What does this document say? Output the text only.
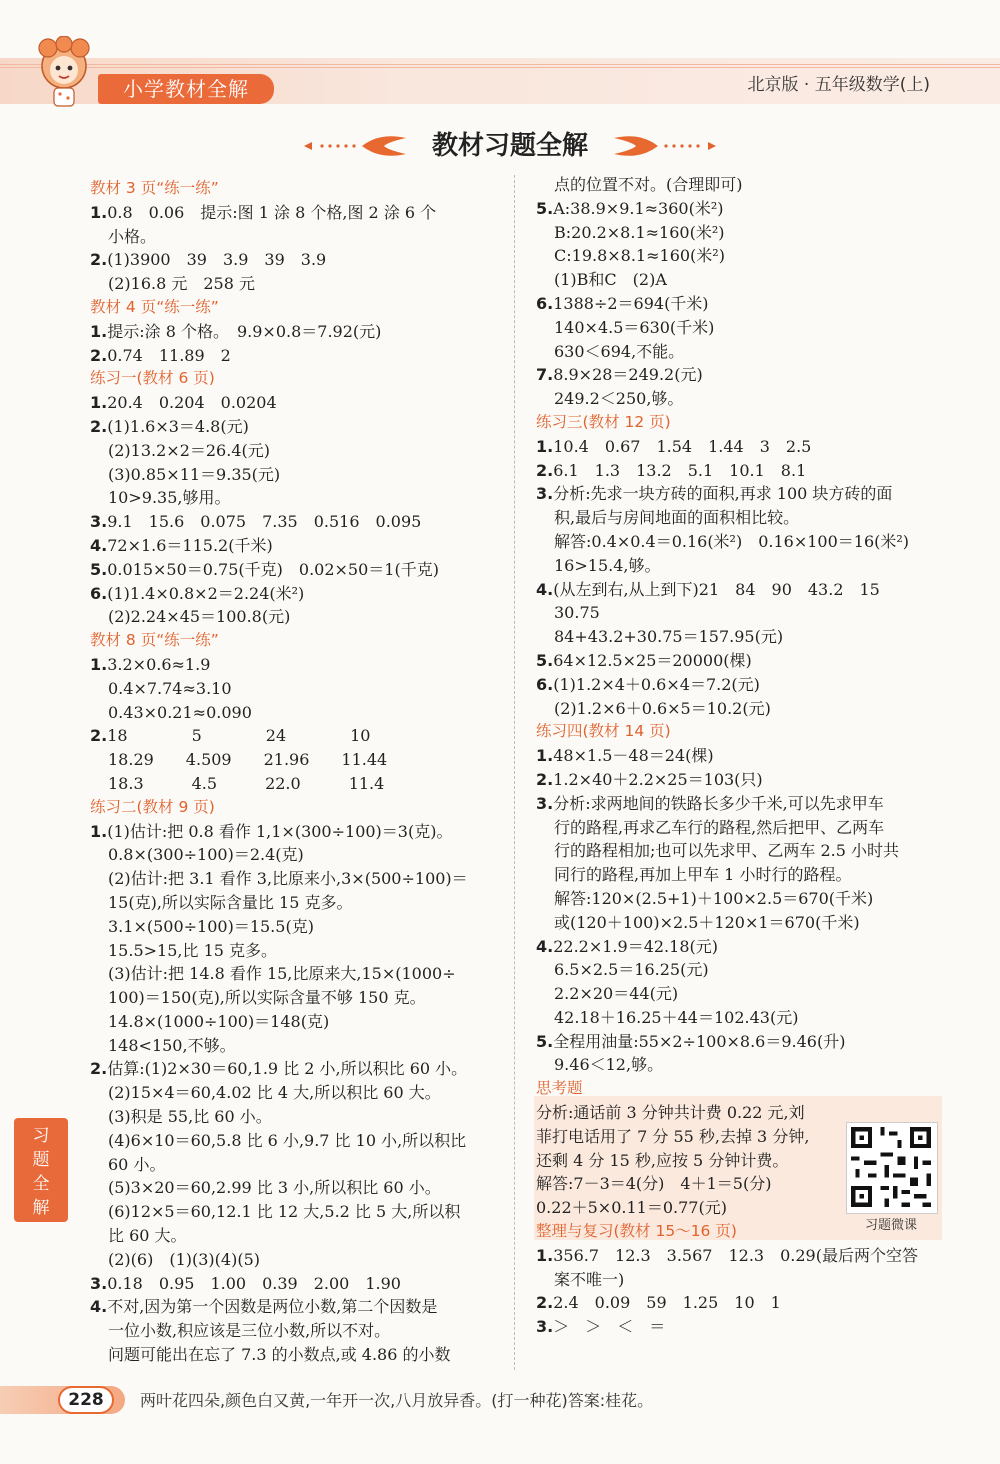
小学教材全解	北京版 · 五年级数学(上)
教材习题全解
教材 3 页“练一练”
1.0.8　0.06　提示:图 1 涂 8 个格,图 2 涂 6 个
小格。
2.(1)3900　39　3.9　39　3.9
(2)16.8 元　258 元
教材 4 页“练一练”
1.提示:涂 8 个格。　9.9×0.8＝7.92(元)
2.0.74　11.89　2
练习一(教材 6 页)
1.20.4　0.204　0.0204
2.(1)1.6×3＝4.8(元)
(2)13.2×2＝26.4(元)
(3)0.85×11＝9.35(元)
10>9.35,够用。
3.9.1　15.6　0.075　7.35　0.516　0.095
4.72×1.6＝115.2(千米)
5.0.015×50＝0.75(千克)　0.02×50＝1(千克)
6.(1)1.4×0.8×2＝2.24(米²)
(2)2.24×45＝100.8(元)
教材 8 页“练一练”
1.3.2×0.6≈1.9
0.4×7.74≈3.10
0.43×0.21≈0.090
2.18　　　　5　　　　24　　　　10
18.29　　4.509　　21.96　　11.44
18.3　　　4.5　　　22.0　　　11.4
练习二(教材 9 页)
1.(1)估计:把 0.8 看作 1,1×(300÷100)＝3(克)。
0.8×(300÷100)＝2.4(克)
(2)估计:把 3.1 看作 3,比原来小,3×(500÷100)＝
15(克),所以实际含量比 15 克多。
3.1×(500÷100)＝15.5(克)
15.5>15,比 15 克多。
(3)估计:把 14.8 看作 15,比原来大,15×(1000÷
100)＝150(克),所以实际含量不够 150 克。
14.8×(1000÷100)＝148(克)
148<150,不够。
2.估算:(1)2×30＝60,1.9 比 2 小,所以积比 60 小。
(2)15×4＝60,4.02 比 4 大,所以积比 60 大。
(3)积是 55,比 60 小。
(4)6×10＝60,5.8 比 6 小,9.7 比 10 小,所以积比
60 小。
(5)3×20＝60,2.99 比 3 小,所以积比 60 小。
(6)12×5＝60,12.1 比 12 大,5.2 比 5 大,所以积
比 60 大。
(2)(6)　(1)(3)(4)(5)
3.0.18　0.95　1.00　0.39　2.00　1.90
4.不对,因为第一个因数是两位小数,第二个因数是
一位小数,积应该是三位小数,所以不对。
问题可能出在忘了 7.3 的小数点,或 4.86 的小数
点的位置不对。(合理即可)
5.A:38.9×9.1≈360(米²)
B:20.2×8.1≈160(米²)
C:19.8×8.1≈160(米²)
(1)B和C　(2)A
6.1388÷2＝694(千米)
140×4.5＝630(千米)
630＜694,不能。
7.8.9×28＝249.2(元)
249.2＜250,够。
练习三(教材 12 页)
1.10.4　0.67　1.54　1.44　3　2.5
2.6.1　1.3　13.2　5.1　10.1　8.1
3.分析:先求一块方砖的面积,再求 100 块方砖的面
积,最后与房间地面的面积相比较。
解答:0.4×0.4＝0.16(米²)　0.16×100＝16(米²)
16>15.4,够。
4.(从左到右,从上到下)21　84　90　43.2　15
30.75
84+43.2+30.75＝157.95(元)
5.64×12.5×25＝20000(棵)
6.(1)1.2×4＋0.6×4＝7.2(元)
(2)1.2×6＋0.6×5＝10.2(元)
练习四(教材 14 页)
1.48×1.5－48＝24(棵)
2.1.2×40＋2.2×25＝103(只)
3.分析:求两地间的铁路长多少千米,可以先求甲车
行的路程,再求乙车行的路程,然后把甲、乙两车
行的路程相加;也可以先求甲、乙两车 2.5 小时共
同行的路程,再加上甲车 1 小时行的路程。
解答:120×(2.5+1)＋100×2.5＝670(千米)
或(120＋100)×2.5＋120×1＝670(千米)
4.22.2×1.9＝42.18(元)
6.5×2.5＝16.25(元)
2.2×20＝44(元)
42.18＋16.25＋44＝102.43(元)
5.全程用油量:55×2÷100×8.6＝9.46(升)
9.46＜12,够。
思考题
分析:通话前 3 分钟共计费 0.22 元,刘
菲打电话用了 7 分 55 秒,去掉 3 分钟,
还剩 4 分 15 秒,应按 5 分钟计费。
解答:7－3＝4(分)　4＋1＝5(分)
0.22＋5×0.11＝0.77(元)
整理与复习(教材 15～16 页)
1.356.7　12.3　3.567　12.3　0.29(最后两个空答
案不唯一)
2.2.4　0.09　59　1.25　10　1
3.＞　＞　＜　＝
习题微课
习
题
全
解
228	两叶花四朵,颜色白又黄,一年开一次,八月放异香。(打一种花)答案:桂花。
